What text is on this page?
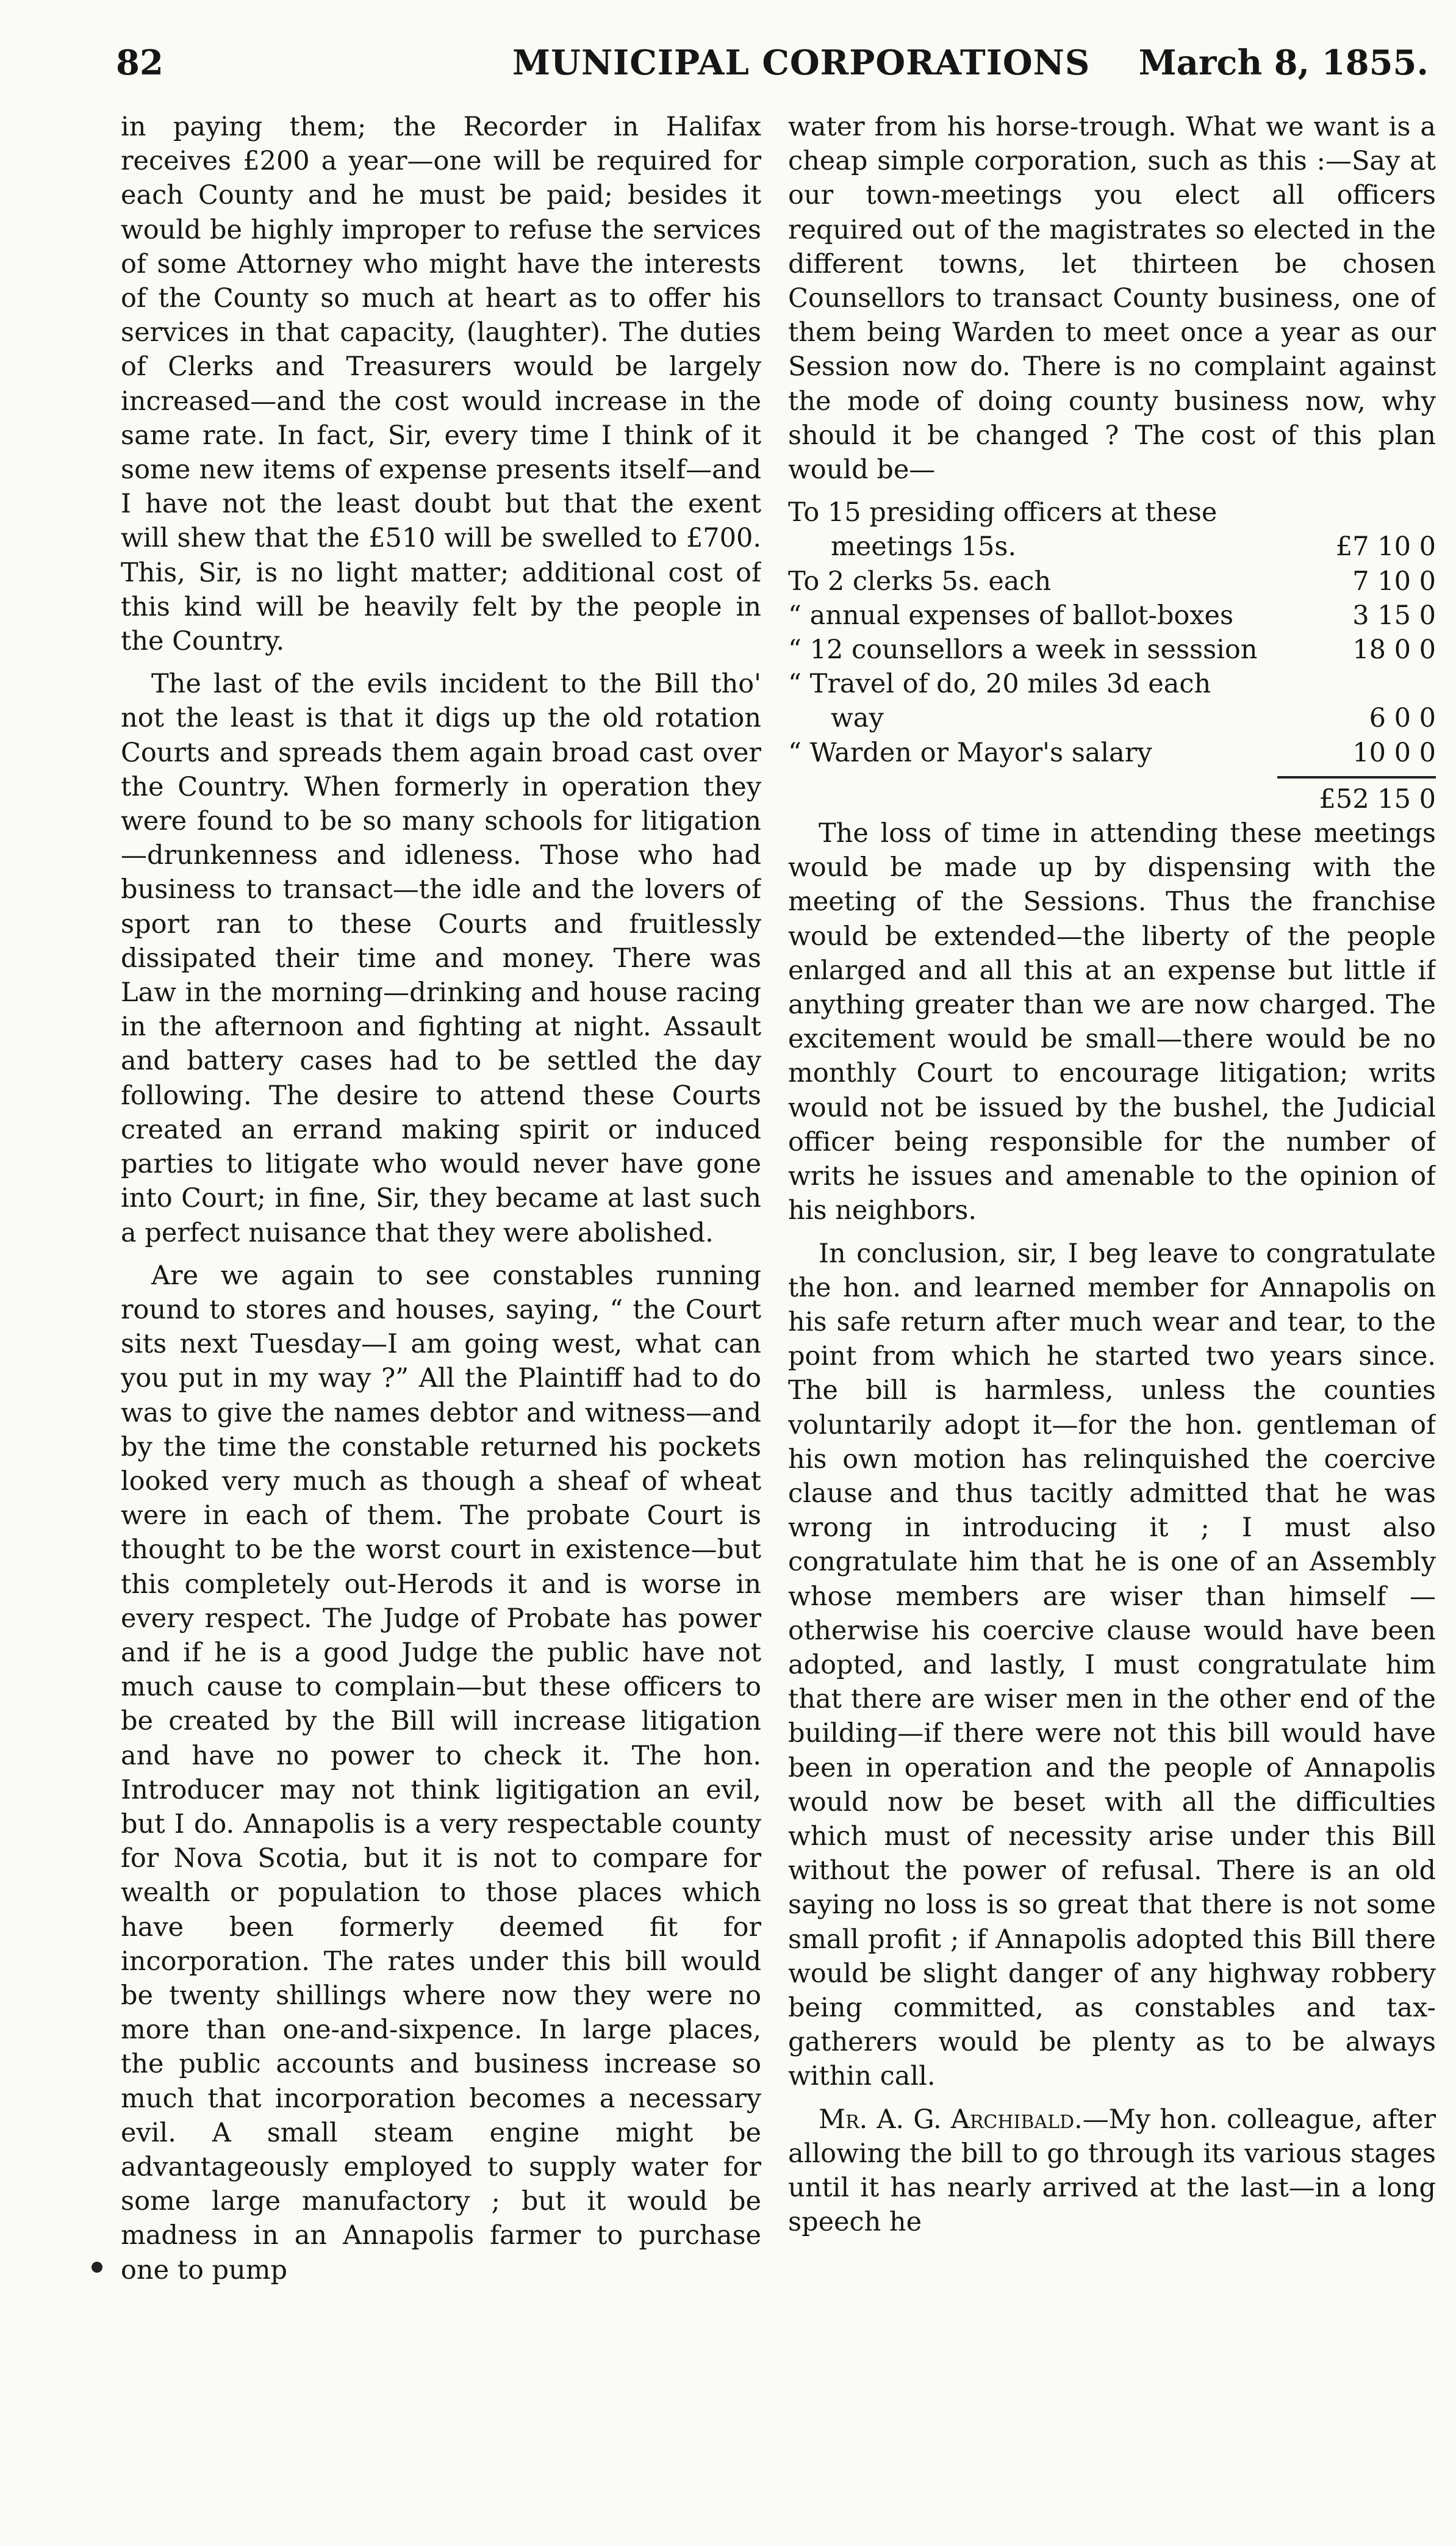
82	MUNICIPAL CORPORATIONS March 8, 1855.

in paying them; the Recorder in Halifax receives £200 a year—one will be required for each County and he must be paid; besides it would be highly improper to refuse the services of some Attorney who might have the interests of the County so much at heart as to offer his services in that capacity, (laughter). The duties of Clerks and Treasurers would be largely increased—and the cost would increase in the same rate. In fact, Sir, every time I think of it some new items of expense presents itself—and I have not the least doubt but that the exent will shew that the £510 will be swelled to £700. This, Sir, is no light matter; additional cost of this kind will be heavily felt by the people in the Country.

The last of the evils incident to the Bill tho' not the least is that it digs up the old rotation Courts and spreads them again broad cast over the Country. When formerly in operation they were found to be so many schools for litigation—drunkenness and idleness. Those who had business to transact—the idle and the lovers of sport ran to these Courts and fruitlessly dissipated their time and money. There was Law in the morning—drinking and house racing in the afternoon and fighting at night. Assault and battery cases had to be settled the day following. The desire to attend these Courts created an errand making spirit or induced parties to litigate who would never have gone into Court; in fine, Sir, they became at last such a perfect nuisance that they were abolished.

Are we again to see constables running round to stores and houses, saying, “ the Court sits next Tuesday—I am going west, what can you put in my way ?” All the Plaintiff had to do was to give the names debtor and witness—and by the time the constable returned his pockets looked very much as though a sheaf of wheat were in each of them. The probate Court is thought to be the worst court in existence—but this completely out-Herods it and is worse in every respect. The Judge of Probate has power and if he is a good Judge the public have not much cause to complain—but these officers to be created by the Bill will increase litigation and have no power to check it. The hon. Introducer may not think ligitigation an evil, but I do. Annapolis is a very respectable county for Nova Scotia, but it is not to compare for wealth or population to those places which have been formerly deemed fit for incorporation. The rates under this bill would be twenty shillings where now they were no more than one-and-sixpence. In large places, the public accounts and business increase so much that incorporation becomes a necessary evil. A small steam engine might be advantageously employed to supply water for some large manufactory ; but it would be madness in an Annapolis farmer to purchase one to pump

water from his horse-trough. What we want is a cheap simple corporation, such as this :—Say at our town-meetings you elect all officers required out of the magistrates so elected in the different towns, let thirteen be chosen Counsellors to transact County business, one of them being Warden to meet once a year as our Session now do. There is no complaint against the mode of doing county business now, why should it be changed ? The cost of this plan would be—

To 15 presiding officers at these
meetings 15s.	£7 10 0
To 2 clerks 5s. each	7 10 0
“ annual expenses of ballot-boxes	3 15 0
“ 12 counsellors a week in sesssion	18 0 0
“ Travel of do, 20 miles 3d each
way	6 0 0
“ Warden or Mayor's salary	10 0 0
£52 15 0

The loss of time in attending these meetings would be made up by dispensing with the meeting of the Sessions. Thus the franchise would be extended—the liberty of the people enlarged and all this at an expense but little if anything greater than we are now charged. The excitement would be small—there would be no monthly Court to encourage litigation; writs would not be issued by the bushel, the Judicial officer being responsible for the number of writs he issues and amenable to the opinion of his neighbors.

In conclusion, sir, I beg leave to congratulate the hon. and learned member for Annapolis on his safe return after much wear and tear, to the point from which he started two years since. The bill is harmless, unless the counties voluntarily adopt it—for the hon. gentleman of his own motion has relinquished the coercive clause and thus tacitly admitted that he was wrong in introducing it ; I must also congratulate him that he is one of an Assembly whose members are wiser than himself —otherwise his coercive clause would have been adopted, and lastly, I must congratulate him that there are wiser men in the other end of the building—if there were not this bill would have been in operation and the people of Annapolis would now be beset with all the difficulties which must of necessity arise under this Bill without the power of refusal. There is an old saying no loss is so great that there is not some small profit ; if Annapolis adopted this Bill there would be slight danger of any highway robbery being committed, as constables and tax-gatherers would be plenty as to be always within call.

Mr. A. G. Archibald.—My hon. colleague, after allowing the bill to go through its various stages until it has nearly arrived at the last—in a long speech he
